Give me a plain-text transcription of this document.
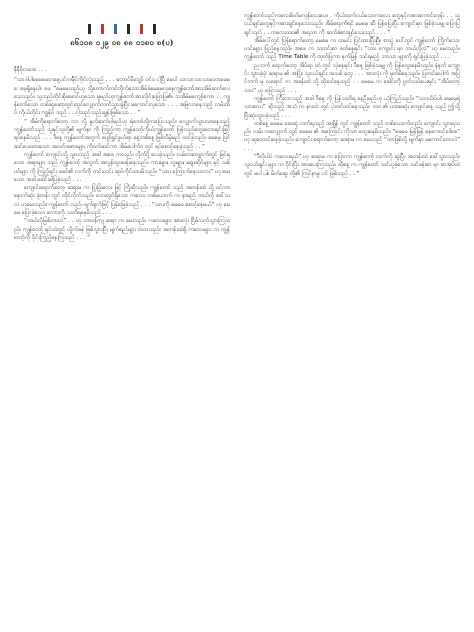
၈၆၁၀၈ ၀၂၉ ၀၈ ၈၈ ၀၁၈၀ ၈(ပ)

နီနီဗိုလအေ . . .

“သာဒါပါမမေမေတနေ့ပင်ကမ်ိုင်ကိုင်လုံးသည် . . . တောင်မီးလျှာ် ဝင်ဝ ငါ့ပြီ မေပါ သာသာသာသာတောမေမေမေ့ရှိနေပါ။ မေ ”မေမေသည်ဟု သို့တောက်တင်တိုက်သောအိမ်ခဲမေမေလုနေကျွန်တော်အားအိမ်ဆက်ပေးသေသည်။ သူသည်တိုင်းစိုးမောင်ဟူသော မူမည်ဟုကျွန်တော်အားလိုင်းပြောပြ၏။ သအိမ်မကျော်ကော . . ကျွန်တော်သော တစ်ဆူဆော့တွင်းတွင်လျှောက်တက်သွားခွဲပြီး မကောင်းလှသော . . . အမြဲလာနေသည့် လမ်းထိပ် ကိုယ်တိုင်း ကျွန်ုပ် သည် . . ငါ့သည်သည်းချွန်းဖြစ်သော . . ”

“ အိမ်ကိုရောက်တော့ လာ လို့ နှုတ်ဆက်ပါမည်ဟု ရဲဘော်တို့ကပြောသည်။ လျှောက်သွားလာနေသည့် ကျွန်တော်သည် သူနှင့်သူတို့၏ မျက်နှာ ကို ကြည့်ကာ ကျွန်တော့်ကိုယ်ကျွန်တော် ပြန်လည်တွေးတောရင်းဖြင့် ရပ်နေမိသည် . . . ဒီနေ့ ကျွန်တော်အတွက် ပျော်ရွှင်ဖွယ်ရာ နေ့တစ်နေ့ ဖြစ်လိမ့်မည် ထင်ခဲ့သည်။ မေမေ့ ပြင်ဆင်ပေးထားသော အဝတ်အစားများ ကိုဝတ်ဆင်ကာ အိမ်ပေါက်ဝ တွင် ရပ်စောင့်နေခဲ့သည် . . ”

ကျွန်တော် ကျောင်းသို့ သွားသည့် အခါ အဖေ ကလည်း လိုက်ပို့ ပေးခဲ့သည်။ လမ်းတလျှောက်တွင် မြင်ရသော အရာများ သည် ကျွန်တော့် အတွက် အလွန်ထူးဆန်းနေသည်။ ကားများ၊ လူများ၊ ဈေးဆိုင်များ နှင့် သစ်ပင်များ ကို ကြည့်ရင်း ဖခင်၏ လက်ကို တင်းတင်း ဆုပ်ကိုင်ထားမိသည်။ “သား ကြောက်နေသလား” ဟု မေးသော အခါ ခေါင်းခါပြခဲ့သည် . . .

ကျောင်းရောက်တော့ ဆရာမ က ပြုံးပြုံးလေး ဖြင့် ကြိုဆိုသည်။ ကျွန်တော် သည် အတန်းထဲ သို့ ဝင်ကာ နောက်ဆုံး ခုံတန်း တွင် ထိုင်လိုက်သည်။ ဘေးတွင်ရှိသော ကလေး တစ်ယောက် က နာမည် ဘယ်လို ခေါ်သလဲ ဟုမေးသည်။ ကျွန်တော် လည်း ရှက်ရှက်ဖြင့် ပြန်ဖြေခဲ့သည် . . . “သားကို မေမေ စောင့်နေမယ်” ဟု မေမေ ပြောခဲ့သော စကားကို သတိရနေမိသည် . . .

“ဘယ်လိုဖြစ်တာလဲ” . . ဟု တာဝန်ကျ ဆရာ က မေးသည်။ ကလေးများ အားလုံး ငြိမ်သက်သွားကြသည်။ ကျွန်တော့် ရင်ထဲတွင် လှိုက်ခနဲ ဖြစ်သွားပြီး မျက်ရည်များ ဝဲလာသည်။ အတန်းထဲရှိ ကလေးများ က ကျွန်တော့်ကို ဝိုင်းကြည့်နေကြသည် . . . ”

ကျွန်တော်သည်ကလေးစိတ်မကုန်သေးပေ။ . ကိုယ်ထက်ငယ်သောကလေး တွေနှင့်ကစားကောင်းတုန်း . . သူငယ်ချင်းတွေနှင့်ကစားချင်နေသေးသည်။ အိမ်ရောက်ရင် မေမေ့ ဆီ ပြန်ပြေးပြီး ကျောင်းမှာ ဖြစ်ခဲ့သမျှ ပြောပြချင်သည် . . ကလေးဘဝ၏ အရသာ ကို ဆက်ခံစားချင်သေးသည် . . . ”

အိမ်ပေါ်တွင် ပြန်ရောက်တော့ မေမေ က ထမင်း ပြင်ထားပြီးပြီ။ စားပွဲ ပေါ်တွင် ကျွန်တော် ကြိုက်သော ဟင်းများ ပြည့်နေသည်။ အဖေ က သတင်းစာ ဖတ်နေရင်း “သား ကျောင်း မှာ ဘယ်လိုလဲ” ဟု မေးသည်။ ကျွန်တော် သည် Time Table ကို ထုတ်ပြကာ နက်ဖြန် သင်ရမည့် ဘာသာ များကို ရှင်းပြခဲ့သည် . . .

ညဘက် ရောက်တော့ အိပ်ရာ ထဲ တွင် လှဲနေရင်း ဒီနေ့ ဖြစ်ခဲ့သမျှ ကို ပြန်တွေးနေမိသည်။ နံနက် ကျောင်း သွားခဲ့ပုံ၊ ဆရာမ ၏ အပြုံး၊ သူငယ်ချင်း အသစ် တွေ . . . အားလုံး ကို မှတ်မိနေသည်။ ပြတင်းပေါက် အပြင်ဘက် မှ လရောင် က အခန်းထဲ သို့ ထိုးဝင်နေသည် . . မေမေ က ခေါင်းကို ပွတ်သပ်ပေးရင်း “အိပ်တော့ သား” ဟု ပြောသည် . . .

ကျွန်တော် ကြီးလာသည့် အခါ ဒီနေ့ ကို ပြန်သတိရ နေဦးမည်ဟု ယုံကြည်သည်။ “သားသိပ်ပါး မေမေ့ရဲ့ သားလေး” ဆိုသည့် အသံ က နားထဲ တွင် ပဲ့တင်ထပ်နေသည်။ ဘဝ ၏ ပထမဆုံး ကျောင်းနေ့ သည် ဤသို့ ပြီးဆုံးသွားခဲ့သည် . . .

တစ်နေ့ မေမေ ဆေးရုံ တက်ရသည့် အချိန် တွင် ကျွန်တော် သည် တစ်ယောက်တည်း ကျောင်း သွားရသည်။ လမ်း တလျှောက် တွင် မေမေ ၏ အကြောင်း ကိုသာ တွေးနေမိသည်။ “မေမေ မြန်မြန် နေကောင်းပါစေ” ဟု ဆုတောင်းနေခဲ့သည်။ ကျောင်း ရောက်တော့ ဆရာမ က မေးသည် “ဘာဖြစ်လို့ မျက်နှာ မကောင်းတာလဲ” . . .

“ဒီလိုပါပဲ ကလေးရယ်” ဟု ဆရာမ က ပြောကာ ကျွန်တော့် လက်ကို ဆွဲပြီး အတန်းထဲ ခေါ်သွားသည်။ သူငယ်ချင်း များ က ဝိုင်းပြီး အားပေးကြသည်။ ထိုနေ့ က ကျွန်တော် သင်ယူခဲ့သော သင်ခန်းစာ မှာ စာအုပ်ထဲ တွင် မပါ ပါ။ မိတ်ဆွေ တို့၏ ကြင်နာမှု ပင် ဖြစ်သည် . . ”
